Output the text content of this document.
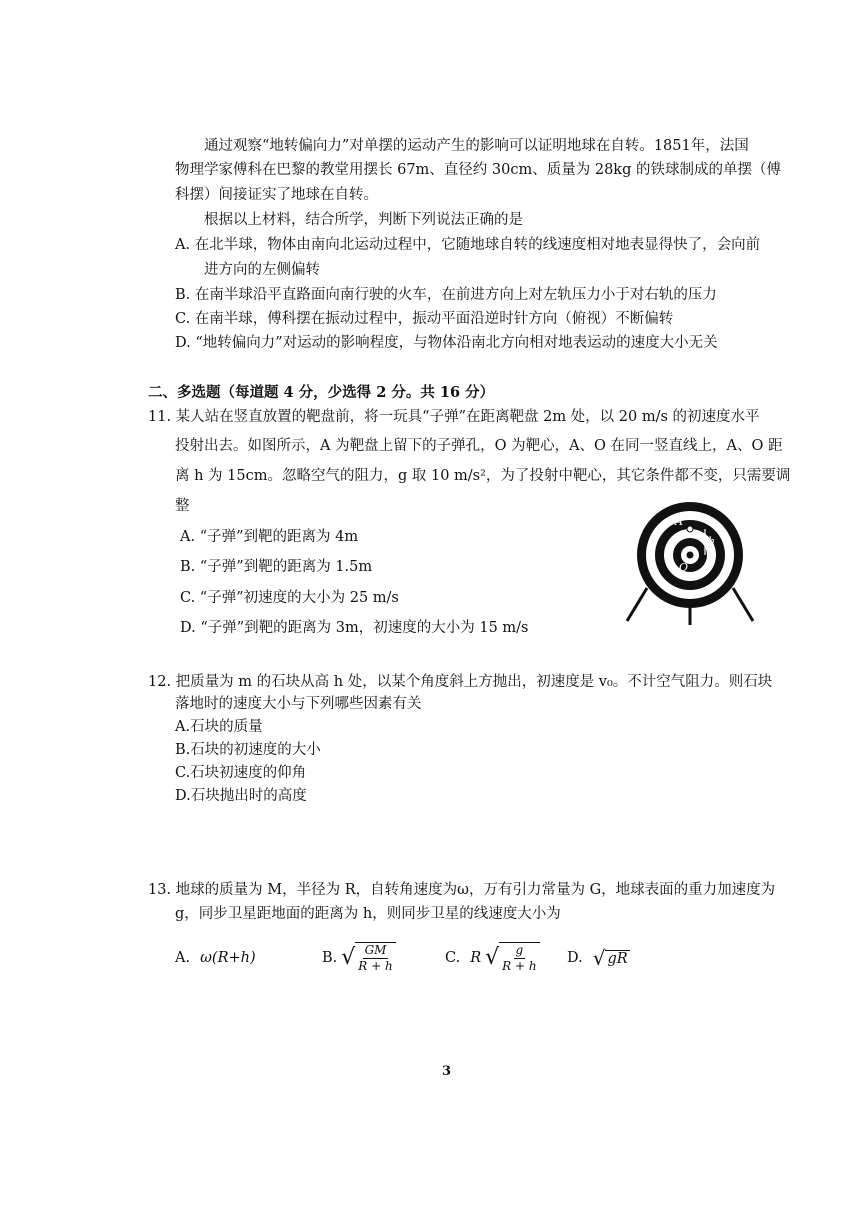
通过观察“地转偏向力”对单摆的运动产生的影响可以证明地球在自转。1851年，法国
物理学家傅科在巴黎的教堂用摆长 67m、直径约 30cm、质量为 28kg 的铁球制成的单摆（傅
科摆）间接证实了地球在自转。
根据以上材料，结合所学，判断下列说法正确的是
A. 在北半球，物体由南向北运动过程中，它随地球自转的线速度相对地表显得快了，会向前
进方向的左侧偏转
B. 在南半球沿平直路面向南行驶的火车，在前进方向上对左轨压力小于对右轨的压力
C. 在南半球，傅科摆在振动过程中，振动平面沿逆时针方向（俯视）不断偏转
D. “地转偏向力”对运动的影响程度，与物体沿南北方向相对地表运动的速度大小无关
二、多选题（每道题 4 分，少选得 2 分。共 16 分）
11. 某人站在竖直放置的靶盘前，将一玩具“子弹”在距离靶盘 2m 处，以 20 m/s 的初速度水平
投射出去。如图所示，A 为靶盘上留下的子弹孔，O 为靶心，A、O 在同一竖直线上，A、O 距
离 h 为 15cm。忽略空气的阻力，g 取 10 m/s²，为了投射中靶心，其它条件都不变，只需要调
整
A. “子弹”到靶的距离为 4m
B. “子弹”到靶的距离为 1.5m
C. “子弹”初速度的大小为 25 m/s
D. “子弹”到靶的距离为 3m，初速度的大小为 15 m/s
A
h
O
12. 把质量为 m 的石块从高 h 处，以某个角度斜上方抛出，初速度是 v₀。不计空气阻力。则石块
落地时的速度大小与下列哪些因素有关
A.石块的质量
B.石块的初速度的大小
C.石块初速度的仰角
D.石块抛出时的高度
13. 地球的质量为 M，半径为 R，自转角速度为ω，万有引力常量为 G，地球表面的重力加速度为
g，同步卫星距地面的距离为 h，则同步卫星的线速度大小为
A. ω(R+h)	B. √ $\frac{GM}{R + h}$	C. R √ $\frac{g}{R + h} D$. √ gR
3
